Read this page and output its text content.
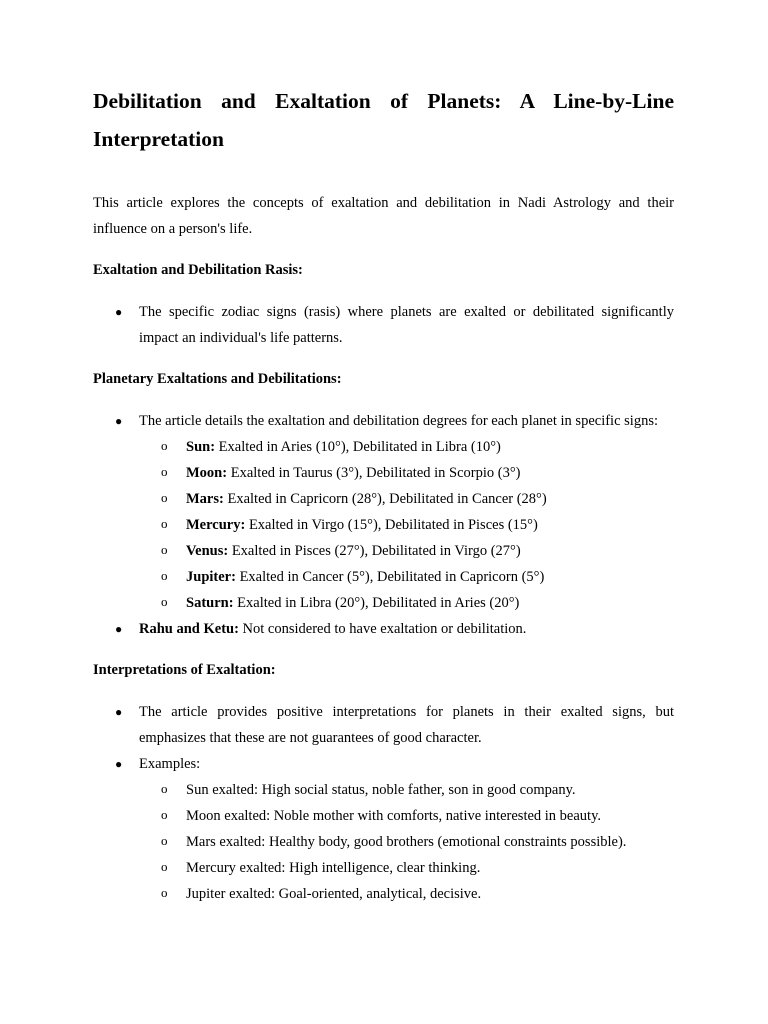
Debilitation and Exaltation of Planets: A Line-by-Line Interpretation

This article explores the concepts of exaltation and debilitation in Nadi Astrology and their influence on a person's life.

Exaltation and Debilitation Rasis:
● The specific zodiac signs (rasis) where planets are exalted or debilitated significantly impact an individual's life patterns.
Planetary Exaltations and Debilitations:
● The article details the exaltation and debilitation degrees for each planet in specific signs:
o Sun: Exalted in Aries (10°), Debilitated in Libra (10°)
o Moon: Exalted in Taurus (3°), Debilitated in Scorpio (3°)
o Mars: Exalted in Capricorn (28°), Debilitated in Cancer (28°)
o Mercury: Exalted in Virgo (15°), Debilitated in Pisces (15°)
o Venus: Exalted in Pisces (27°), Debilitated in Virgo (27°)
o Jupiter: Exalted in Cancer (5°), Debilitated in Capricorn (5°)
o Saturn: Exalted in Libra (20°), Debilitated in Aries (20°)
● Rahu and Ketu: Not considered to have exaltation or debilitation.
Interpretations of Exaltation:
● The article provides positive interpretations for planets in their exalted signs, but emphasizes that these are not guarantees of good character.
● Examples:
o Sun exalted: High social status, noble father, son in good company.
o Moon exalted: Noble mother with comforts, native interested in beauty.
o Mars exalted: Healthy body, good brothers (emotional constraints possible).
o Mercury exalted: High intelligence, clear thinking.
o Jupiter exalted: Goal-oriented, analytical, decisive.
